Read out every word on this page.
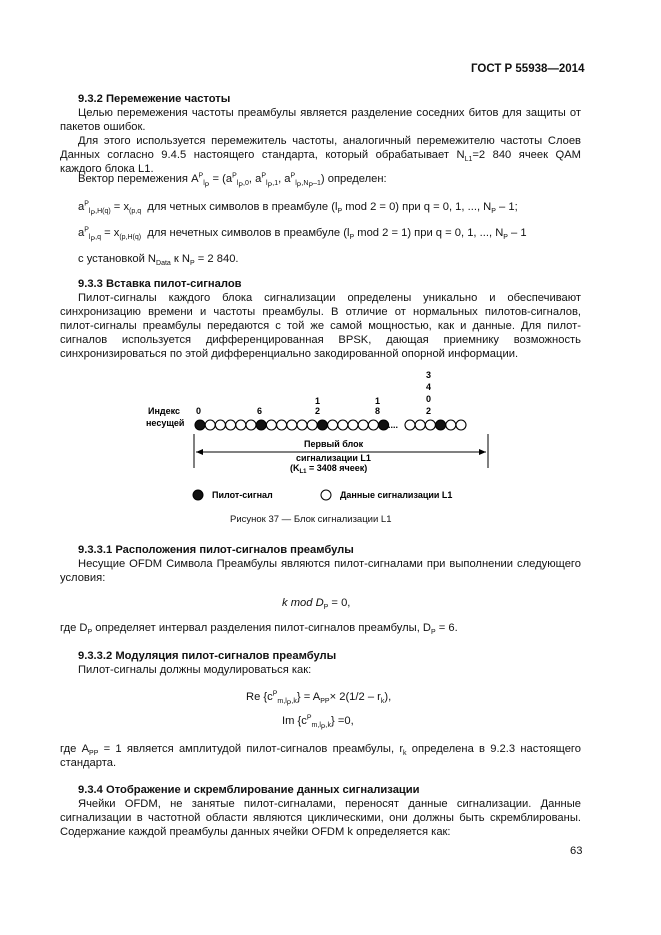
ГОСТ Р 55938—2014
9.3.2 Перемежение частоты
Целью перемежения частоты преамбулы является разделение соседних битов для защиты от пакетов ошибок.
Для этого используется перемежитель частоты, аналогичный перемежителю частоты Слоев Данных согласно 9.4.5 настоящего стандарта, который обрабатывает $N_{L1}=2$ 840 ячеек QAM каждого блока L1.
Вектор перемежения $A^P_{l_P} = (a^P_{l_P,0}$, $a^P_{l_P,1}$, $a^P_{l_P,N_P-1}$) определен:
$a^P_{l_P,H(q)} = x_{(p,q}$ для четных символов в преамбуле ($l_P$ mod 2 = 0) при q = 0, 1, ..., $N_P - 1$;
$a^P_{l_P,q} = x_{(p,H(q)}$ для нечетных символов в преамбуле ($l_P$ mod 2 = 1) при q = 0, 1, ..., $N_P - 1$
с установкой $N_{Data}$ к $N_P = 2$ 840.
9.3.3 Вставка пилот-сигналов
Пилот-сигналы каждого блока сигнализации определены уникально и обеспечивают синхронизацию времени и частоты преамбулы. В отличие от нормальных пилотов-сигналов, пилот-сигналы преамбулы передаются с той же самой мощностью, как и данные. Для пилот-сигналов используется дифференцированная BPSK, дающая приемнику возможность синхронизироваться по этой дифференциально закодированной опорной информации.
Индекс
несущей
0	6
1
2
1
8
3
4
0
2
....
Первый блок
сигнализации L1
($K_{L1} = 3408$ ячеек)
Пилот-сигнал	Данные сигнализации L1
Рисунок 37 — Блок сигнализации L1
9.3.3.1 Расположения пилот-сигналов преамбулы
Несущие OFDM Символа Преамбулы являются пилот-сигналами при выполнении следующего условия:
k mod $D_P = 0$,
где $D_P$ определяет интервал разделения пилот-сигналов преамбулы, $D_P = 6$.
9.3.3.2 Модуляция пилот-сигналов преамбулы
Пилот-сигналы должны модулироваться как:
Re $\{c^P_{m,l_P,k}\} = A_{PP}\times 2(1/2 - r_k)$,
Im $\{c^P_{m,l_P,k}\} =0$,
где $A_{PP} = 1$ является амплитудой пилот-сигналов преамбулы, $r_k$ определена в 9.2.3 настоящего стандарта.
9.3.4 Отображение и скремблирование данных сигнализации
Ячейки OFDM, не занятые пилот-сигналами, переносят данные сигнализации. Данные сигнализации в частотной области являются циклическими, они должны быть скремблированы. Содержание каждой преамбулы данных ячейки OFDM k определяется как:
63
